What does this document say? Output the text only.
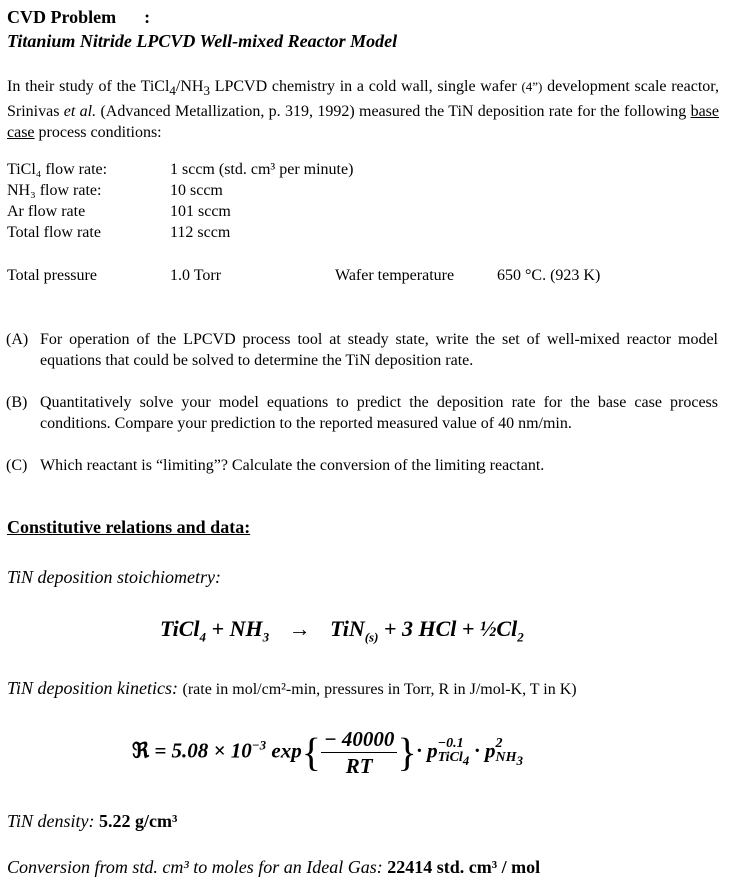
CVD Problem :
Titanium Nitride LPCVD Well-mixed Reactor Model
In their study of the $TiCl_4/NH_3$ LPCVD chemistry in a cold wall, single wafer (4”) development scale reactor, Srinivas et al. (Advanced Metallization, p. 319, 1992) measured the TiN deposition rate for the following base case process conditions:
TiCl₄ flow rate:	1 sccm (std. cm³ per minute)
NH₃ flow rate:	10 sccm
Ar flow rate	101 sccm
Total flow rate	112 sccm
Total pressure	1.0 Torr	Wafer temperature	650 °C. (923 K)
(A) For operation of the LPCVD process tool at steady state, write the set of well-mixed reactor model equations that could be solved to determine the TiN deposition rate.
(B) Quantitatively solve your model equations to predict the deposition rate for the base case process conditions. Compare your prediction to the reported measured value of 40 nm/min.
(C) Which reactant is “limiting”? Calculate the conversion of the limiting reactant.
Constitutive relations and data:
TiN deposition stoichiometry:
TiCl$_4$ + $NH_3 \to TiN_{(s)} + 3$ HCl + $\frac{1}{2}Cl_2$
TiN deposition kinetics: (rate in mol/cm²-min, pressures in Torr, R in J/mol-K, T in K)
ℜ = $5.08 \times 10^{-3}$ $\exp\{ \frac{- 40000}{RT}$ }· p −0.1
TiCl$_4$ · p 2
$NH_3$
TiN density: 5.22 g/cm³
Conversion from std. cm³ to moles for an Ideal Gas: 22414 std. cm³ / mol
